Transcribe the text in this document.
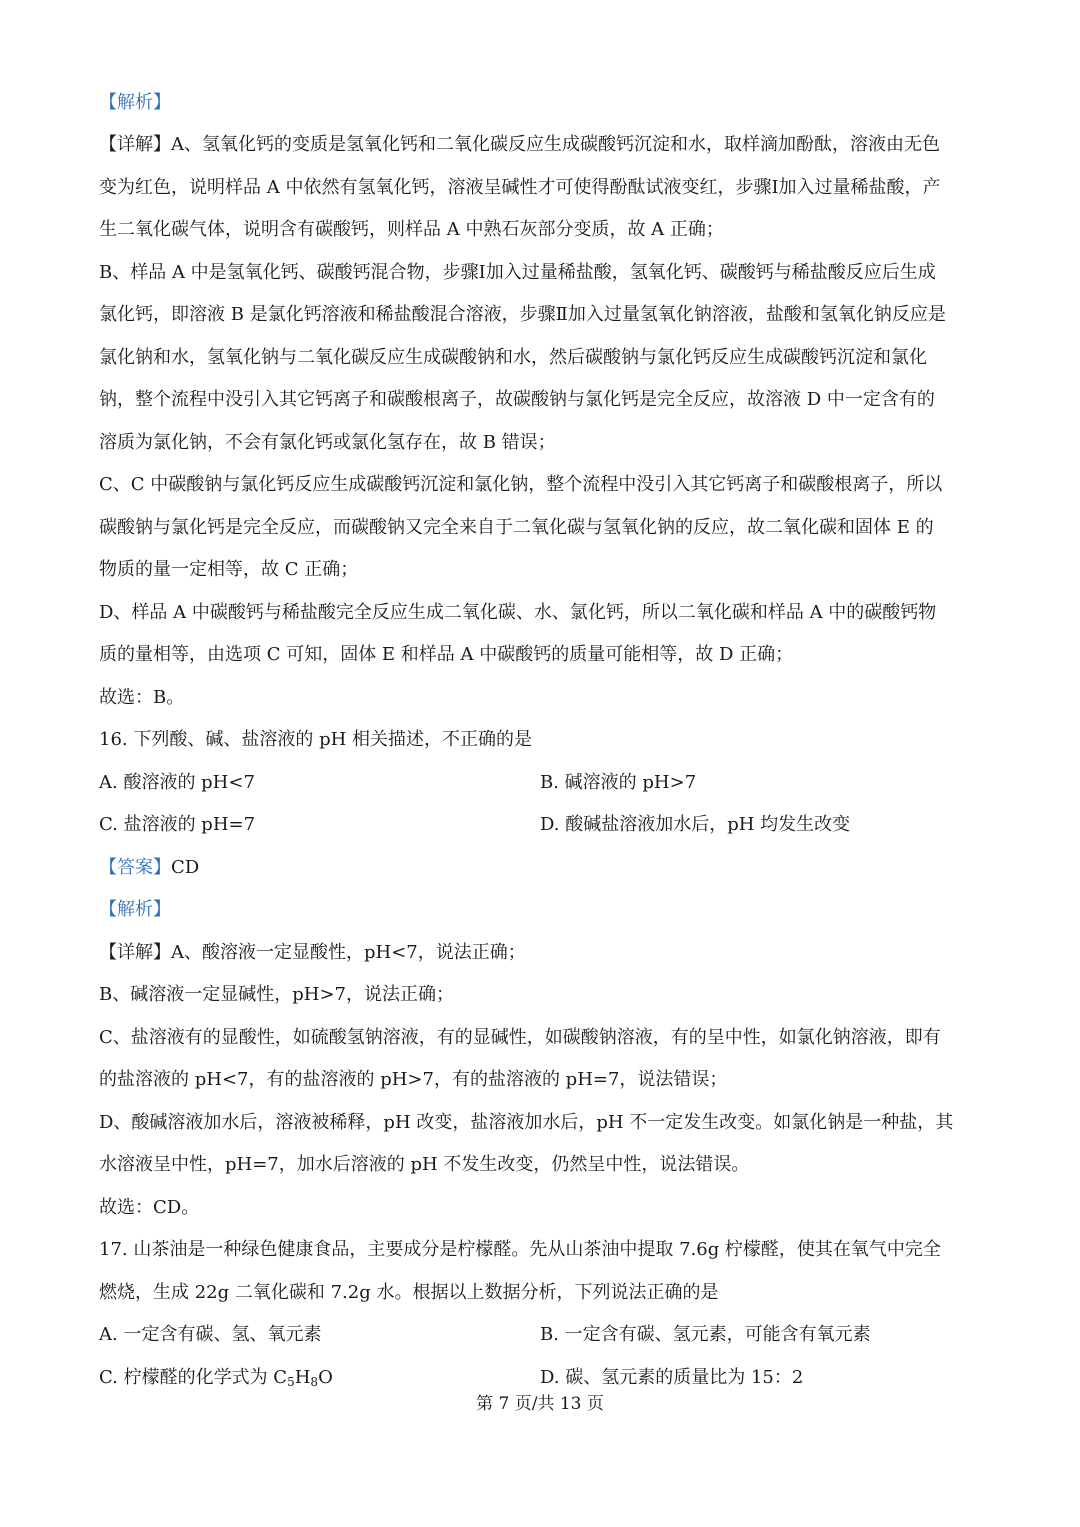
【解析】

【详解】A、氢氧化钙的变质是氢氧化钙和二氧化碳反应生成碳酸钙沉淀和水，取样滴加酚酞，溶液由无色

变为红色，说明样品 A 中依然有氢氧化钙，溶液呈碱性才可使得酚酞试液变红，步骤Ⅰ加入过量稀盐酸，产

生二氧化碳气体，说明含有碳酸钙，则样品 A 中熟石灰部分变质，故 A 正确；

B、样品 A 中是氢氧化钙、碳酸钙混合物，步骤Ⅰ加入过量稀盐酸，氢氧化钙、碳酸钙与稀盐酸反应后生成

氯化钙，即溶液 B 是氯化钙溶液和稀盐酸混合溶液，步骤Ⅱ加入过量氢氧化钠溶液，盐酸和氢氧化钠反应是

氯化钠和水，氢氧化钠与二氧化碳反应生成碳酸钠和水，然后碳酸钠与氯化钙反应生成碳酸钙沉淀和氯化

钠，整个流程中没引入其它钙离子和碳酸根离子，故碳酸钠与氯化钙是完全反应，故溶液 D 中一定含有的

溶质为氯化钠，不会有氯化钙或氯化氢存在，故 B 错误；

C、C 中碳酸钠与氯化钙反应生成碳酸钙沉淀和氯化钠，整个流程中没引入其它钙离子和碳酸根离子，所以

碳酸钠与氯化钙是完全反应，而碳酸钠又完全来自于二氧化碳与氢氧化钠的反应，故二氧化碳和固体 E 的

物质的量一定相等，故 C 正确；

D、样品 A 中碳酸钙与稀盐酸完全反应生成二氧化碳、水、氯化钙，所以二氧化碳和样品 A 中的碳酸钙物

质的量相等，由选项 C 可知，固体 E 和样品 A 中碳酸钙的质量可能相等，故 D 正确；

故选：B。

16. 下列酸、碱、盐溶液的 pH 相关描述，不正确的是

A. 酸溶液的 pH<7	B. 碱溶液的 pH>7

C. 盐溶液的 pH=7	D. 酸碱盐溶液加水后，pH 均发生改变

【答案】CD

【解析】

【详解】A、酸溶液一定显酸性，pH<7，说法正确；

B、碱溶液一定显碱性，pH>7，说法正确；

C、盐溶液有的显酸性，如硫酸氢钠溶液，有的显碱性，如碳酸钠溶液，有的呈中性，如氯化钠溶液，即有

的盐溶液的 pH<7，有的盐溶液的 pH>7，有的盐溶液的 pH=7，说法错误；

D、酸碱溶液加水后，溶液被稀释，pH 改变，盐溶液加水后，pH 不一定发生改变。如氯化钠是一种盐，其

水溶液呈中性，pH=7，加水后溶液的 pH 不发生改变，仍然呈中性，说法错误。

故选：CD。

17. 山茶油是一种绿色健康食品，主要成分是柠檬醛。先从山茶油中提取 7.6g 柠檬醛，使其在氧气中完全

燃烧，生成 22g 二氧化碳和 7.2g 水。根据以上数据分析，下列说法正确的是

A. 一定含有碳、氢、氧元素	B. 一定含有碳、氢元素，可能含有氧元素

C. 柠檬醛的化学式为 $C_5H_8O$	D. 碳、氢元素的质量比为 15：2

第 7 页/共 13 页
